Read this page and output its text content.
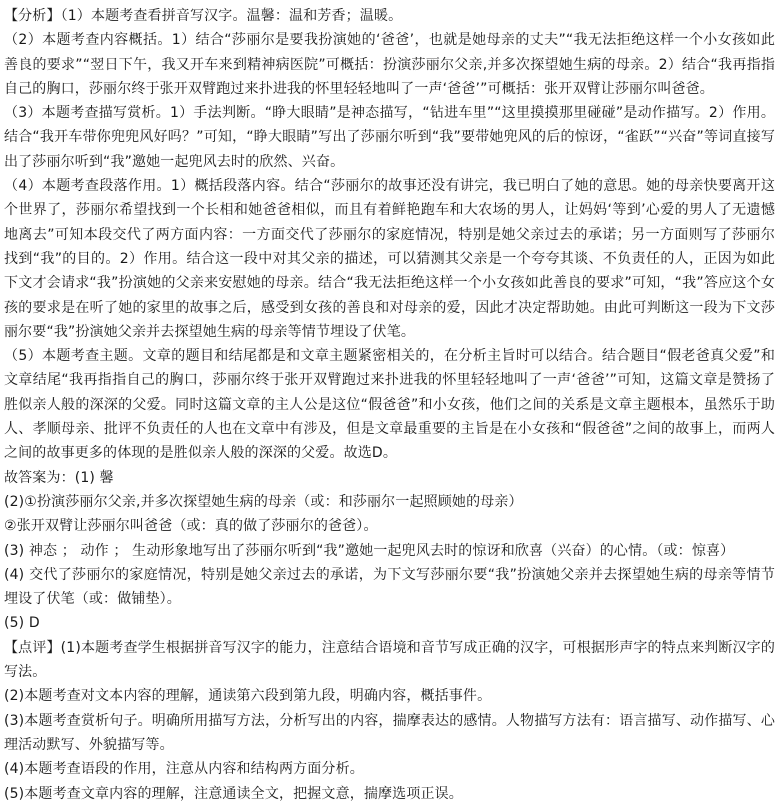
【分析】（1）本题考查看拼音写汉字。温馨：温和芳香；温暖。

（2）本题考查内容概括。1）结合“莎丽尔是要我扮演她的‘爸爸’，也就是她母亲的丈夫”“我无法拒绝这样一个小女孩如此善良的要求”“翌日下午，我又开车来到精神病医院”可概括：扮演莎丽尔父亲,并多次探望她生病的母亲。2）结合“我再指指自己的胸口，莎丽尔终于张开双臂跑过来扑进我的怀里轻轻地叫了一声‘爸爸’”可概括：张开双臂让莎丽尔叫爸爸。

（3）本题考查描写赏析。1）手法判断。“睁大眼睛”是神态描写，“钻进车里”“这里摸摸那里碰碰”是动作描写。2）作用。结合“我开车带你兜兜风好吗？”可知，“睁大眼睛”写出了莎丽尔听到“我”要带她兜风的后的惊讶，“雀跃”“兴奋”等词直接写出了莎丽尔听到“我”邀她一起兜风去时的欣然、兴奋。

（4）本题考查段落作用。1）概括段落内容。结合“莎丽尔的故事还没有讲完，我已明白了她的意思。她的母亲快要离开这个世界了，莎丽尔希望找到一个长相和她爸爸相似，而且有着鲜艳跑车和大农场的男人，让妈妈‘等到’心爱的男人了无遗憾地离去”可知本段交代了两方面内容：一方面交代了莎丽尔的家庭情况，特别是她父亲过去的承诺；另一方面则写了莎丽尔找到“我”的目的。2）作用。结合这一段中对其父亲的描述，可以猜测其父亲是一个夸夸其谈、不负责任的人，正因为如此下文才会请求“我”扮演她的父亲来安慰她的母亲。结合“我无法拒绝这样一个小女孩如此善良的要求”可知，“我”答应这个女孩的要求是在听了她的家里的故事之后，感受到女孩的善良和对母亲的爱，因此才决定帮助她。由此可判断这一段为下文莎丽尔要“我”扮演她父亲并去探望她生病的母亲等情节埋设了伏笔。

（5）本题考查主题。文章的题目和结尾都是和文章主题紧密相关的，在分析主旨时可以结合。结合题目“假老爸真父爱”和文章结尾“我再指指自己的胸口，莎丽尔终于张开双臂跑过来扑进我的怀里轻轻地叫了一声‘爸爸’”可知，这篇文章是赞扬了胜似亲人般的深深的父爱。同时这篇文章的主人公是这位“假爸爸”和小女孩，他们之间的关系是文章主题根本，虽然乐于助人、孝顺母亲、批评不负责任的人也在文章中有涉及，但是文章最重要的主旨是在小女孩和“假爸爸”之间的故事上，而两人之间的故事更多的体现的是胜似亲人般的深深的父爱。故选D。

故答案为：(1) 馨

(2)①扮演莎丽尔父亲,并多次探望她生病的母亲（或：和莎丽尔一起照顾她的母亲）

②张开双臂让莎丽尔叫爸爸（或：真的做了莎丽尔的爸爸）。

(3) 神态 ； 动作 ； 生动形象地写出了莎丽尔听到“我”邀她一起兜风去时的惊讶和欣喜（兴奋）的心情。（或：惊喜）

(4) 交代了莎丽尔的家庭情况，特别是她父亲过去的承诺，为下文写莎丽尔要“我”扮演她父亲并去探望她生病的母亲等情节埋设了伏笔（或：做铺垫）。

(5) D

【点评】(1)本题考查学生根据拼音写汉字的能力，注意结合语境和音节写成正确的汉字，可根据形声字的特点来判断汉字的写法。

(2)本题考查对文本内容的理解，通读第六段到第九段，明确内容，概括事件。

(3)本题考查赏析句子。明确所用描写方法，分析写出的内容，揣摩表达的感情。人物描写方法有：语言描写、动作描写、心理活动默写、外貌描写等。

(4)本题考查语段的作用，注意从内容和结构两方面分析。

(5)本题考查文章内容的理解，注意通读全文，把握文意，揣摩选项正误。
